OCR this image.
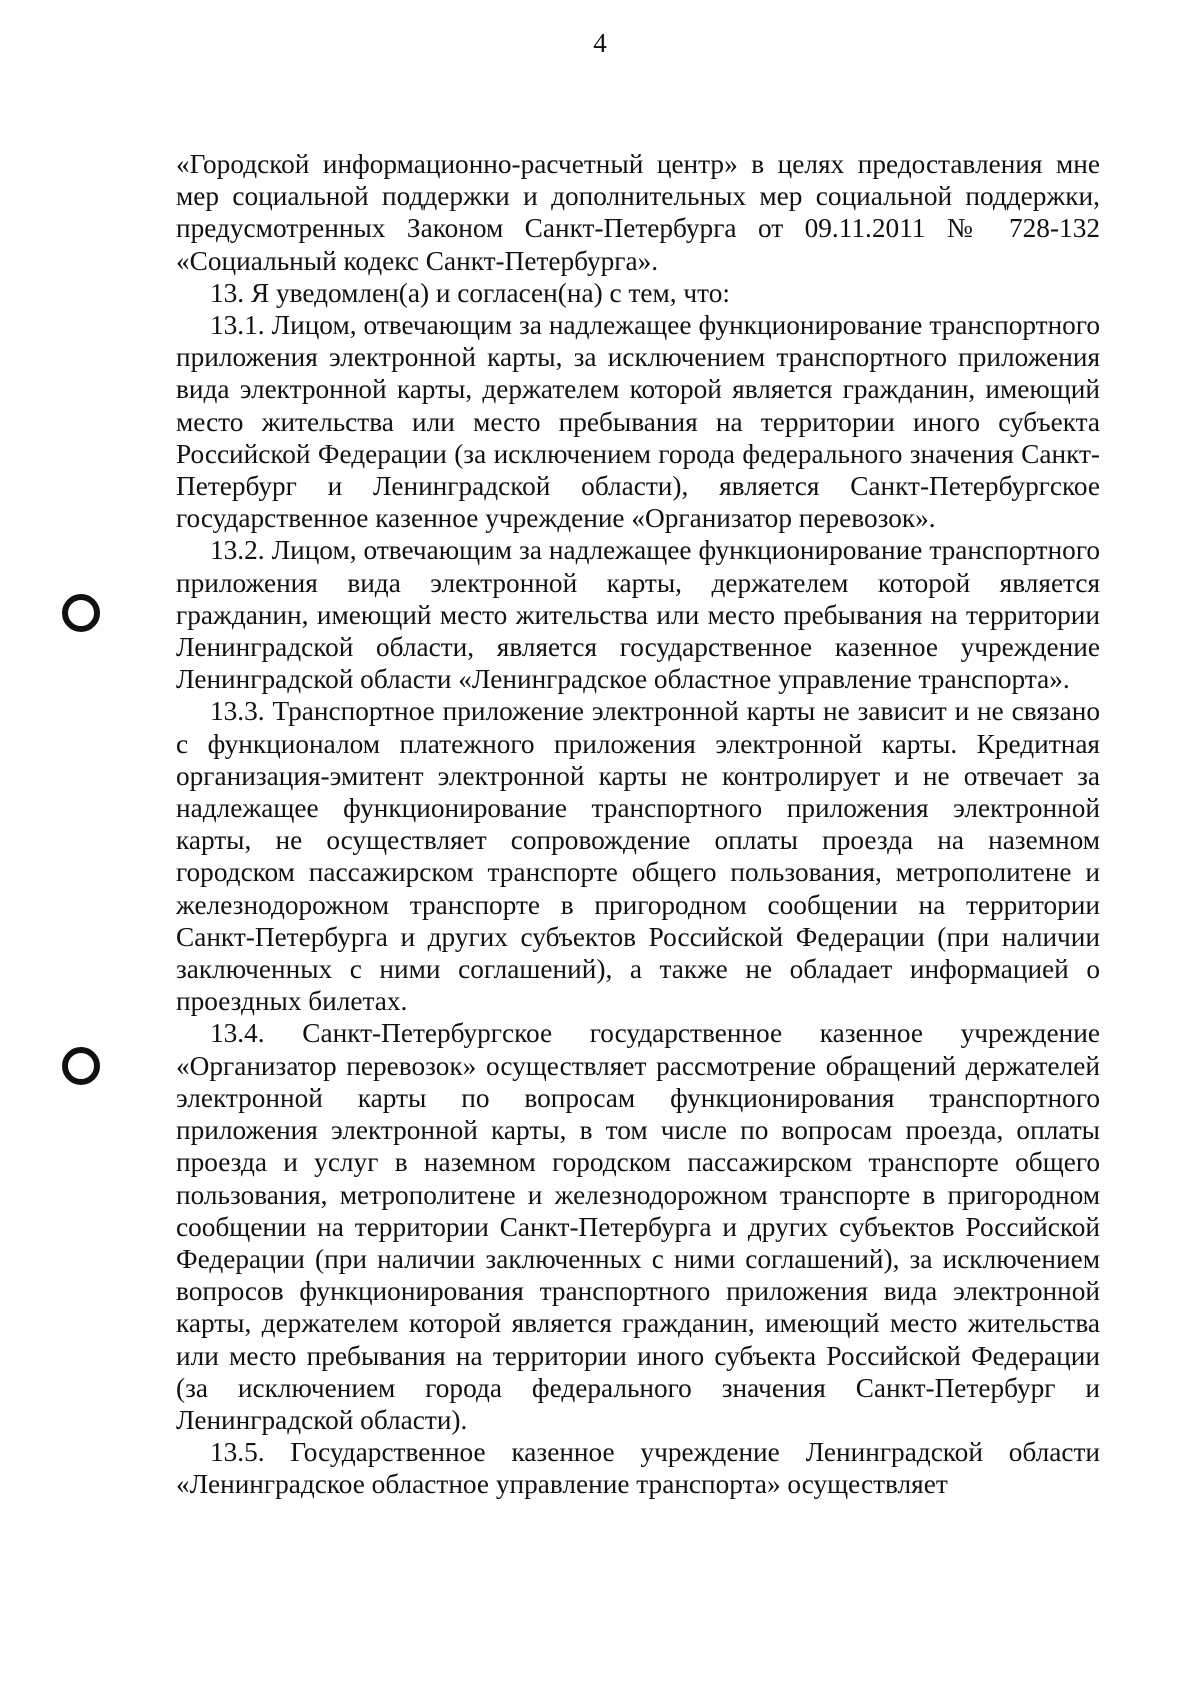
4

«Городской информационно-расчетный центр» в целях предоставления мне мер социальной поддержки и дополнительных мер социальной поддержки, предусмотренных Законом Санкт-Петербурга от 09.11.2011 № 728-132 «Социальный кодекс Санкт-Петербурга».

13. Я уведомлен(а) и согласен(на) с тем, что:

13.1. Лицом, отвечающим за надлежащее функционирование транспортного приложения электронной карты, за исключением транспортного приложения вида электронной карты, держателем которой является гражданин, имеющий место жительства или место пребывания на территории иного субъекта Российской Федерации (за исключением города федерального значения Санкт-Петербург и Ленинградской области), является Санкт-Петербургское государственное казенное учреждение «Организатор перевозок».

13.2. Лицом, отвечающим за надлежащее функционирование транспортного приложения вида электронной карты, держателем которой является гражданин, имеющий место жительства или место пребывания на территории Ленинградской области, является государственное казенное учреждение Ленинградской области «Ленинградское областное управление транспорта».

13.3. Транспортное приложение электронной карты не зависит и не связано с функционалом платежного приложения электронной карты. Кредитная организация-эмитент электронной карты не контролирует и не отвечает за надлежащее функционирование транспортного приложения электронной карты, не осуществляет сопровождение оплаты проезда на наземном городском пассажирском транспорте общего пользования, метрополитене и железнодорожном транспорте в пригородном сообщении на территории Санкт-Петербурга и других субъектов Российской Федерации (при наличии заключенных с ними соглашений), а также не обладает информацией о проездных билетах.

13.4. Санкт-Петербургское государственное казенное учреждение «Организатор перевозок» осуществляет рассмотрение обращений держателей электронной карты по вопросам функционирования транспортного приложения электронной карты, в том числе по вопросам проезда, оплаты проезда и услуг в наземном городском пассажирском транспорте общего пользования, метрополитене и железнодорожном транспорте в пригородном сообщении на территории Санкт-Петербурга и других субъектов Российской Федерации (при наличии заключенных с ними соглашений), за исключением вопросов функционирования транспортного приложения вида электронной карты, держателем которой является гражданин, имеющий место жительства или место пребывания на территории иного субъекта Российской Федерации (за исключением города федерального значения Санкт-Петербург и Ленинградской области).

13.5. Государственное казенное учреждение Ленинградской области «Ленинградское областное управление транспорта» осуществляет
